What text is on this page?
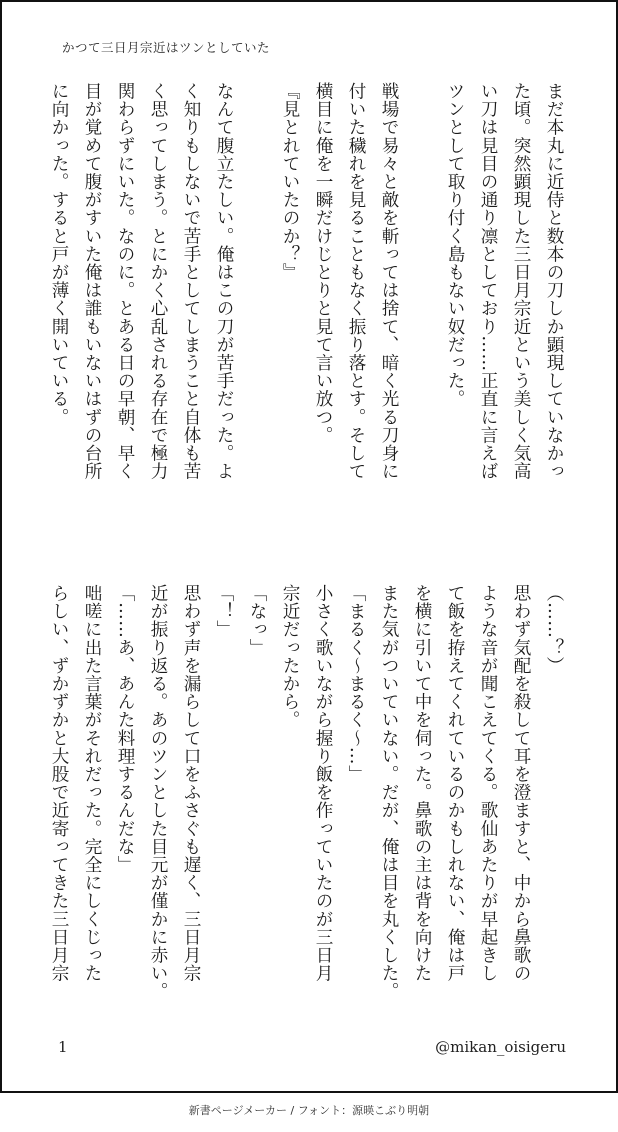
かつて三日月宗近はツンとしていた

まだ本丸に近侍と数本の刀しか顕現していなかっ
た頃。突然顕現した三日月宗近という美しく気高
い刀は見目の通り凛としており……正直に言えば
ツンとして取り付く島もない奴だった。

戦場で易々と敵を斬っては捨て、暗く光る刀身に
付いた穢れを見ることもなく振り落とす。そして
横目に俺を一瞬だけじとりと見て言い放つ。
『見とれていたのか？』

なんて腹立たしい。俺はこの刀が苦手だった。よ
く知りもしないで苦手としてしまうこと自体も苦
く思ってしまう。とにかく心乱される存在で極力
関わらずにいた。なのに。とある日の早朝、早く
目が覚めて腹がすいた俺は誰もいないはずの台所
に向かった。すると戸が薄く開いている。

（……？）
思わず気配を殺して耳を澄ますと、中から鼻歌の
ような音が聞こえてくる。歌仙あたりが早起きし
て飯を拵えてくれているのかもしれない、俺は戸
を横に引いて中を伺った。鼻歌の主は背を向けた
また気がついていない。だが、俺は目を丸くした。
「まるく〜まるく〜…」
小さく歌いながら握り飯を作っていたのが三日月
宗近だったから。
「なっ」
「！」
思わず声を漏らして口をふさぐも遅く、三日月宗
近が振り返る。あのツンとした目元が僅かに赤い。
「……あ、あんた料理するんだな」
咄嗟に出た言葉がそれだった。完全にしくじった
らしい、ずかずかと大股で近寄ってきた三日月宗

1	@mikan_oisigeru
新書ページメーカー / フォント：源暎こぶり明朝
